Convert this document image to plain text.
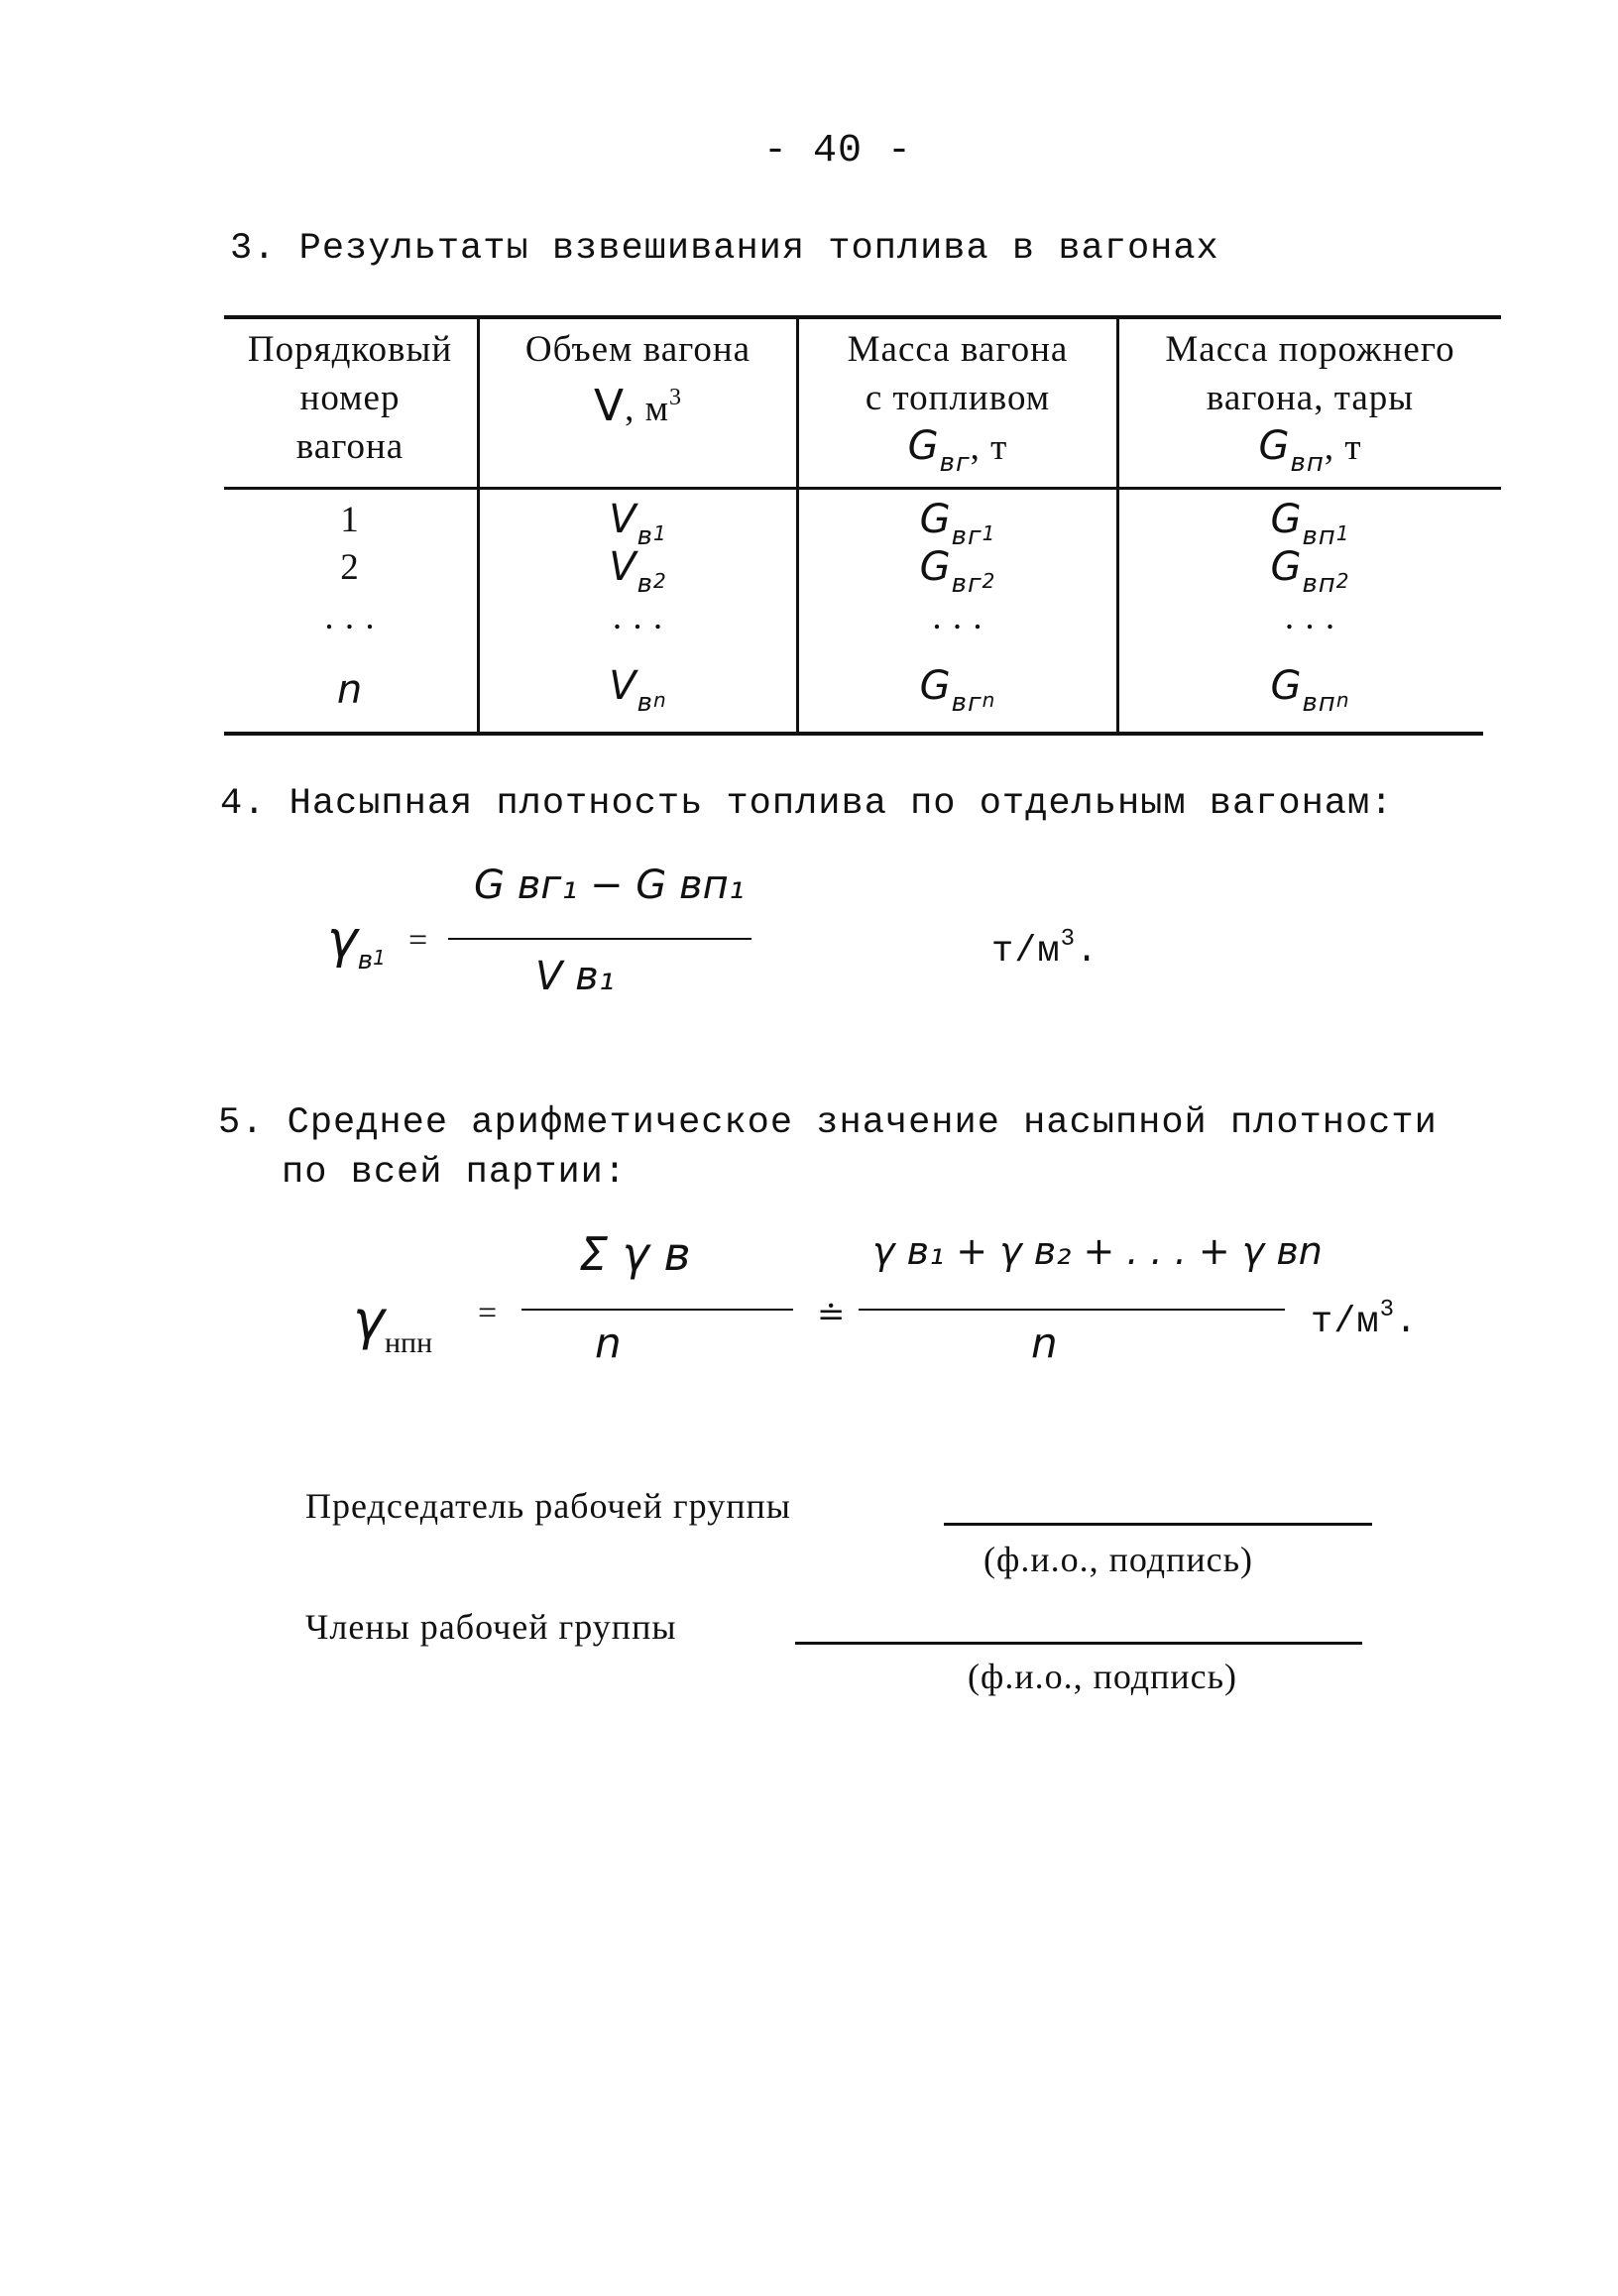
- 40 -
3. Результаты взвешивания топлива в вагонах
Порядковый
номер
вагона
Объем вагона
V, $м^3$
Масса вагона
с топливом
$G_{вг}$, т
Масса порожнего
вагона, тары
$G_{вп}$, т
1
2
. . .
n
$V_{в1}$
$V_{в2}$
. . .
$V_{вn}$
$G_{вг1}$
$G_{вг2}$
. . .
$G_{вгn}$
$G_{вп1}$
$G_{вп2}$
. . .
$G_{впn}$
4. Насыпная плотность топлива по отдельным вагонам:
γв1 =
G вг₁ − G вп₁
V в₁
$т/м^3$.
5. Среднее арифметическое значение насыпной плотности
по всей партии:
γнпн
=
Σ γ в
n
≐
γ в₁ + γ в₂ + . . . + γ вn
n	$т/м^3$.
Председатель рабочей группы
(ф.и.о., подпись)
Члены рабочей группы
(ф.и.о., подпись)
